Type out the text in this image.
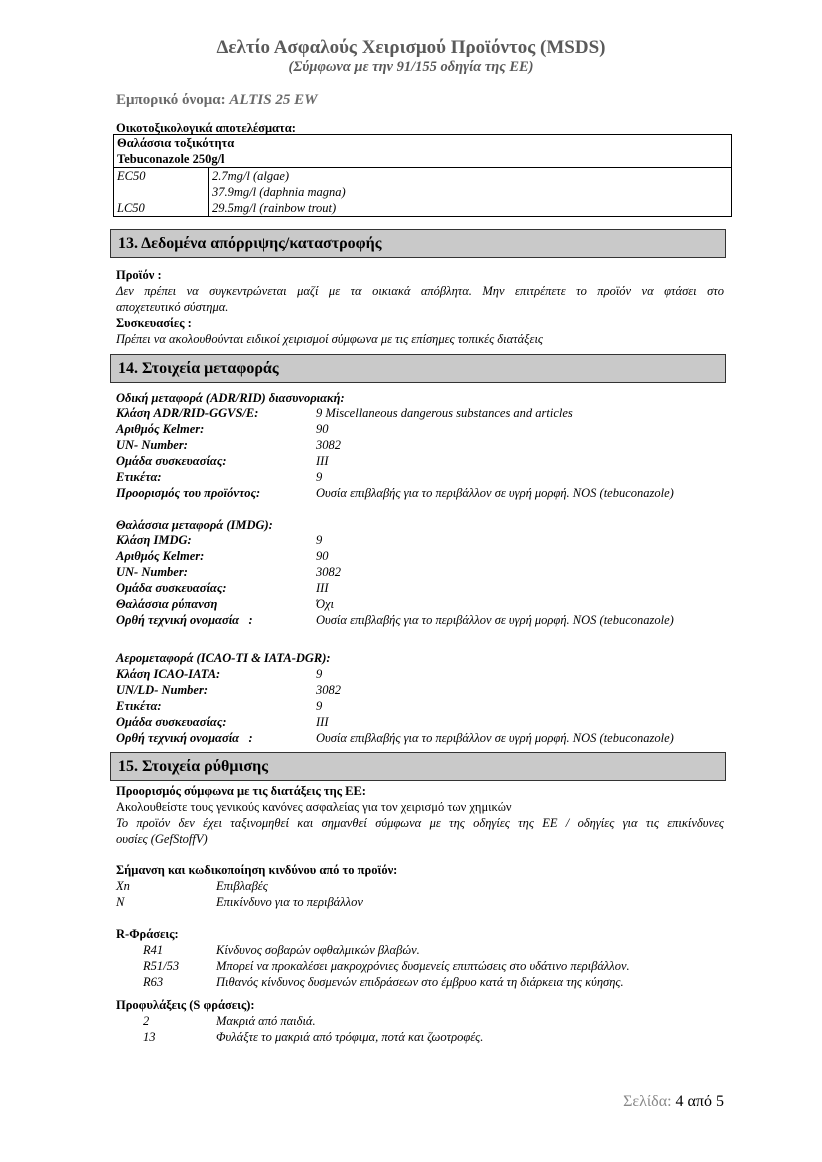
Δελτίο Ασφαλούς Χειρισμού Προϊόντος (MSDS)
(Σύμφωνα με την 91/155 οδηγία της ΕΕ)
Εμπορικό όνομα: ALTIS 25 EW
Οικοτοξικολογικά αποτελέσματα:
Θαλάσσια τοξικότητα
Tebuconazole 250g/l	

EC50	2.7mg/l (algae)
	37.9mg/l (daphnia magna)
LC50	29.5mg/l (rainbow trout)
13. Δεδομένα απόρριψης/καταστροφής
Προϊόν :
Δεν πρέπει να συγκεντρώνεται μαζί με τα οικιακά απόβλητα. Μην επιτρέπετε το προϊόν να φτάσει στο
αποχετευτικό σύστημα.
Συσκευασίες :
Πρέπει να ακολουθούνται ειδικοί χειρισμοί σύμφωνα με τις επίσημες τοπικές διατάξεις
14. Στοιχεία μεταφοράς
Οδική μεταφορά (ADR/RID) διασυνοριακή:
Κλάση ADR/RID-GGVS/E:	9 Miscellaneous dangerous substances and articles
Αριθμός Kelmer:	90
UN- Number:	3082
Ομάδα συσκευασίας:	III
Ετικέτα:	9
Προορισμός του προϊόντος:	Ουσία επιβλαβής για το περιβάλλον σε υγρή μορφή. NOS (tebuconazole)
Θαλάσσια μεταφορά (IMDG):
Κλάση IMDG:	9
Αριθμός Kelmer:	90
UN- Number:	3082
Ομάδα συσκευασίας:	III
Θαλάσσια ρύπανση	Όχι
Ορθή τεχνική ονομασία   :	Ουσία επιβλαβής για το περιβάλλον σε υγρή μορφή. NOS (tebuconazole)
Αερομεταφορά (ICAO-TI & IATA-DGR):
Κλάση ICAO-IATA:	9
UN/LD- Number:	3082
Ετικέτα:	9
Ομάδα συσκευασίας:	III
Ορθή τεχνική ονομασία   :	Ουσία επιβλαβής για το περιβάλλον σε υγρή μορφή. NOS (tebuconazole)
15. Στοιχεία ρύθμισης
Προορισμός σύμφωνα με τις διατάξεις της ΕΕ:
Ακολουθείστε τους γενικούς κανόνες ασφαλείας για τον χειρισμό των χημικών
Το προϊόν δεν έχει ταξινομηθεί και σημανθεί σύμφωνα με της οδηγίες της ΕΕ / οδηγίες για τις επικίνδυνες
ουσίες (GefStoffV)
Σήμανση και κωδικοποίηση κινδύνου από το προϊόν:
Xn	Επιβλαβές
N	Επικίνδυνο για το περιβάλλον
R-Φράσεις:
R41	Κίνδυνος σοβαρών οφθαλμικών βλαβών.
R51/53	Μπορεί να προκαλέσει μακροχρόνιες δυσμενείς επιπτώσεις στο υδάτινο περιβάλλον.
R63	Πιθανός κίνδυνος δυσμενών επιδράσεων στο έμβρυο κατά τη διάρκεια της κύησης.
Προφυλάξεις (S φράσεις):
2	Μακριά από παιδιά.
13	Φυλάξτε το μακριά από τρόφιμα, ποτά και ζωοτροφές.
Σελίδα: 4 από 5
